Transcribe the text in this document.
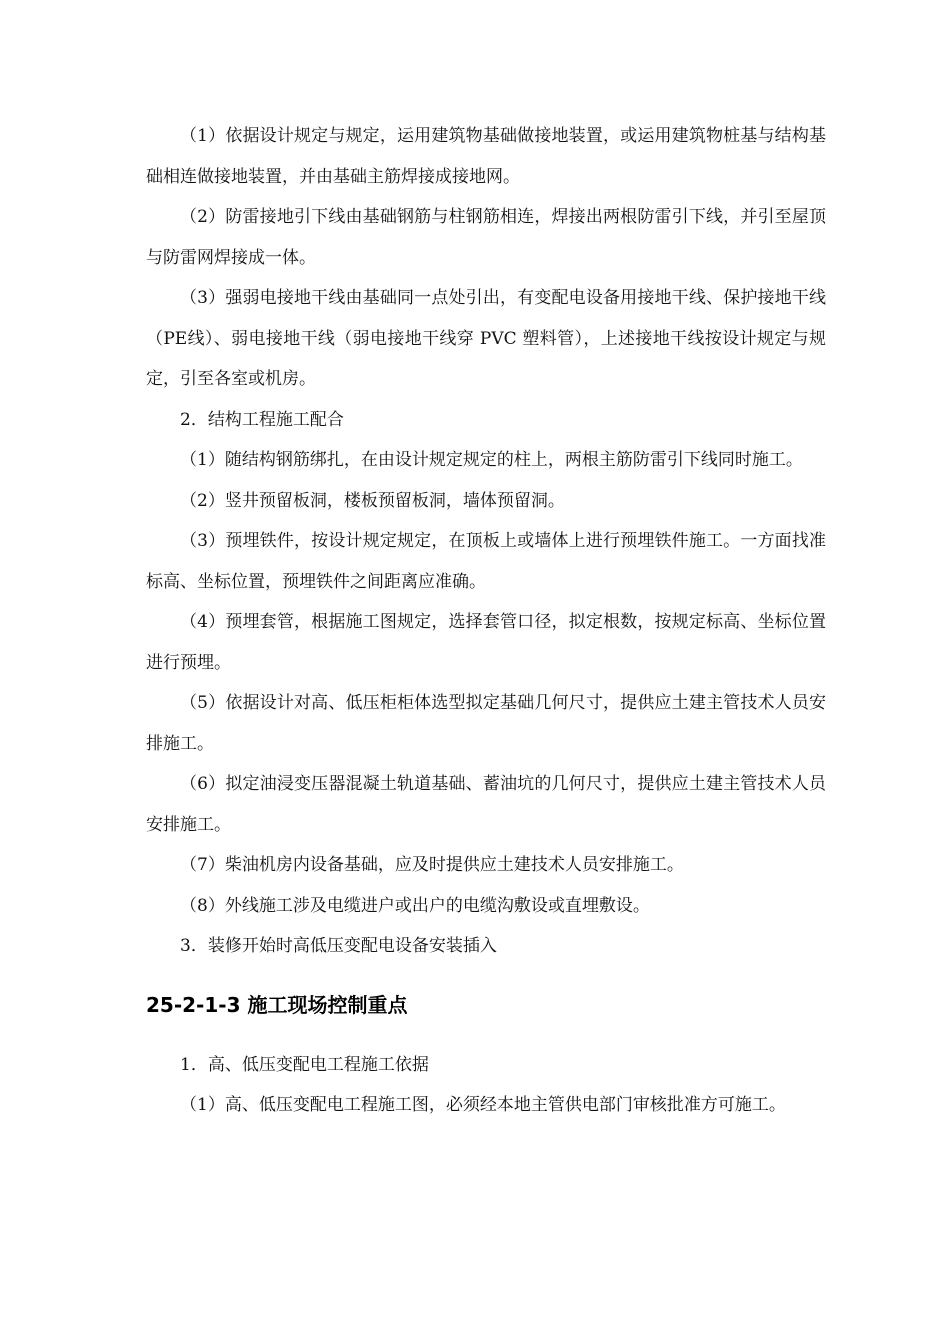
（1）依据设计规定与规定，运用建筑物基础做接地装置，或运用建筑物桩基与结构基础相连做接地装置，并由基础主筋焊接成接地网。

（2）防雷接地引下线由基础钢筋与柱钢筋相连，焊接出两根防雷引下线，并引至屋顶与防雷网焊接成一体。

（3）强弱电接地干线由基础同一点处引出，有变配电设备用接地干线、保护接地干线（PE线）、弱电接地干线（弱电接地干线穿 PVC 塑料管），上述接地干线按设计规定与规定，引至各室或机房。

2．结构工程施工配合

（1）随结构钢筋绑扎，在由设计规定规定的柱上，两根主筋防雷引下线同时施工。

（2）竖井预留板洞，楼板预留板洞，墙体预留洞。

（3）预埋铁件，按设计规定规定，在顶板上或墙体上进行预埋铁件施工。一方面找准标高、坐标位置，预埋铁件之间距离应准确。

（4）预埋套管，根据施工图规定，选择套管口径，拟定根数，按规定标高、坐标位置进行预埋。

（5）依据设计对高、低压柜柜体选型拟定基础几何尺寸，提供应土建主管技术人员安排施工。

（6）拟定油浸变压器混凝土轨道基础、蓄油坑的几何尺寸，提供应土建主管技术人员安排施工。

（7）柴油机房内设备基础，应及时提供应土建技术人员安排施工。

（8）外线施工涉及电缆进户或出户的电缆沟敷设或直埋敷设。

3．装修开始时高低压变配电设备安装插入

25-2-1-3 施工现场控制重点

1．高、低压变配电工程施工依据

（1）高、低压变配电工程施工图，必须经本地主管供电部门审核批准方可施工。
